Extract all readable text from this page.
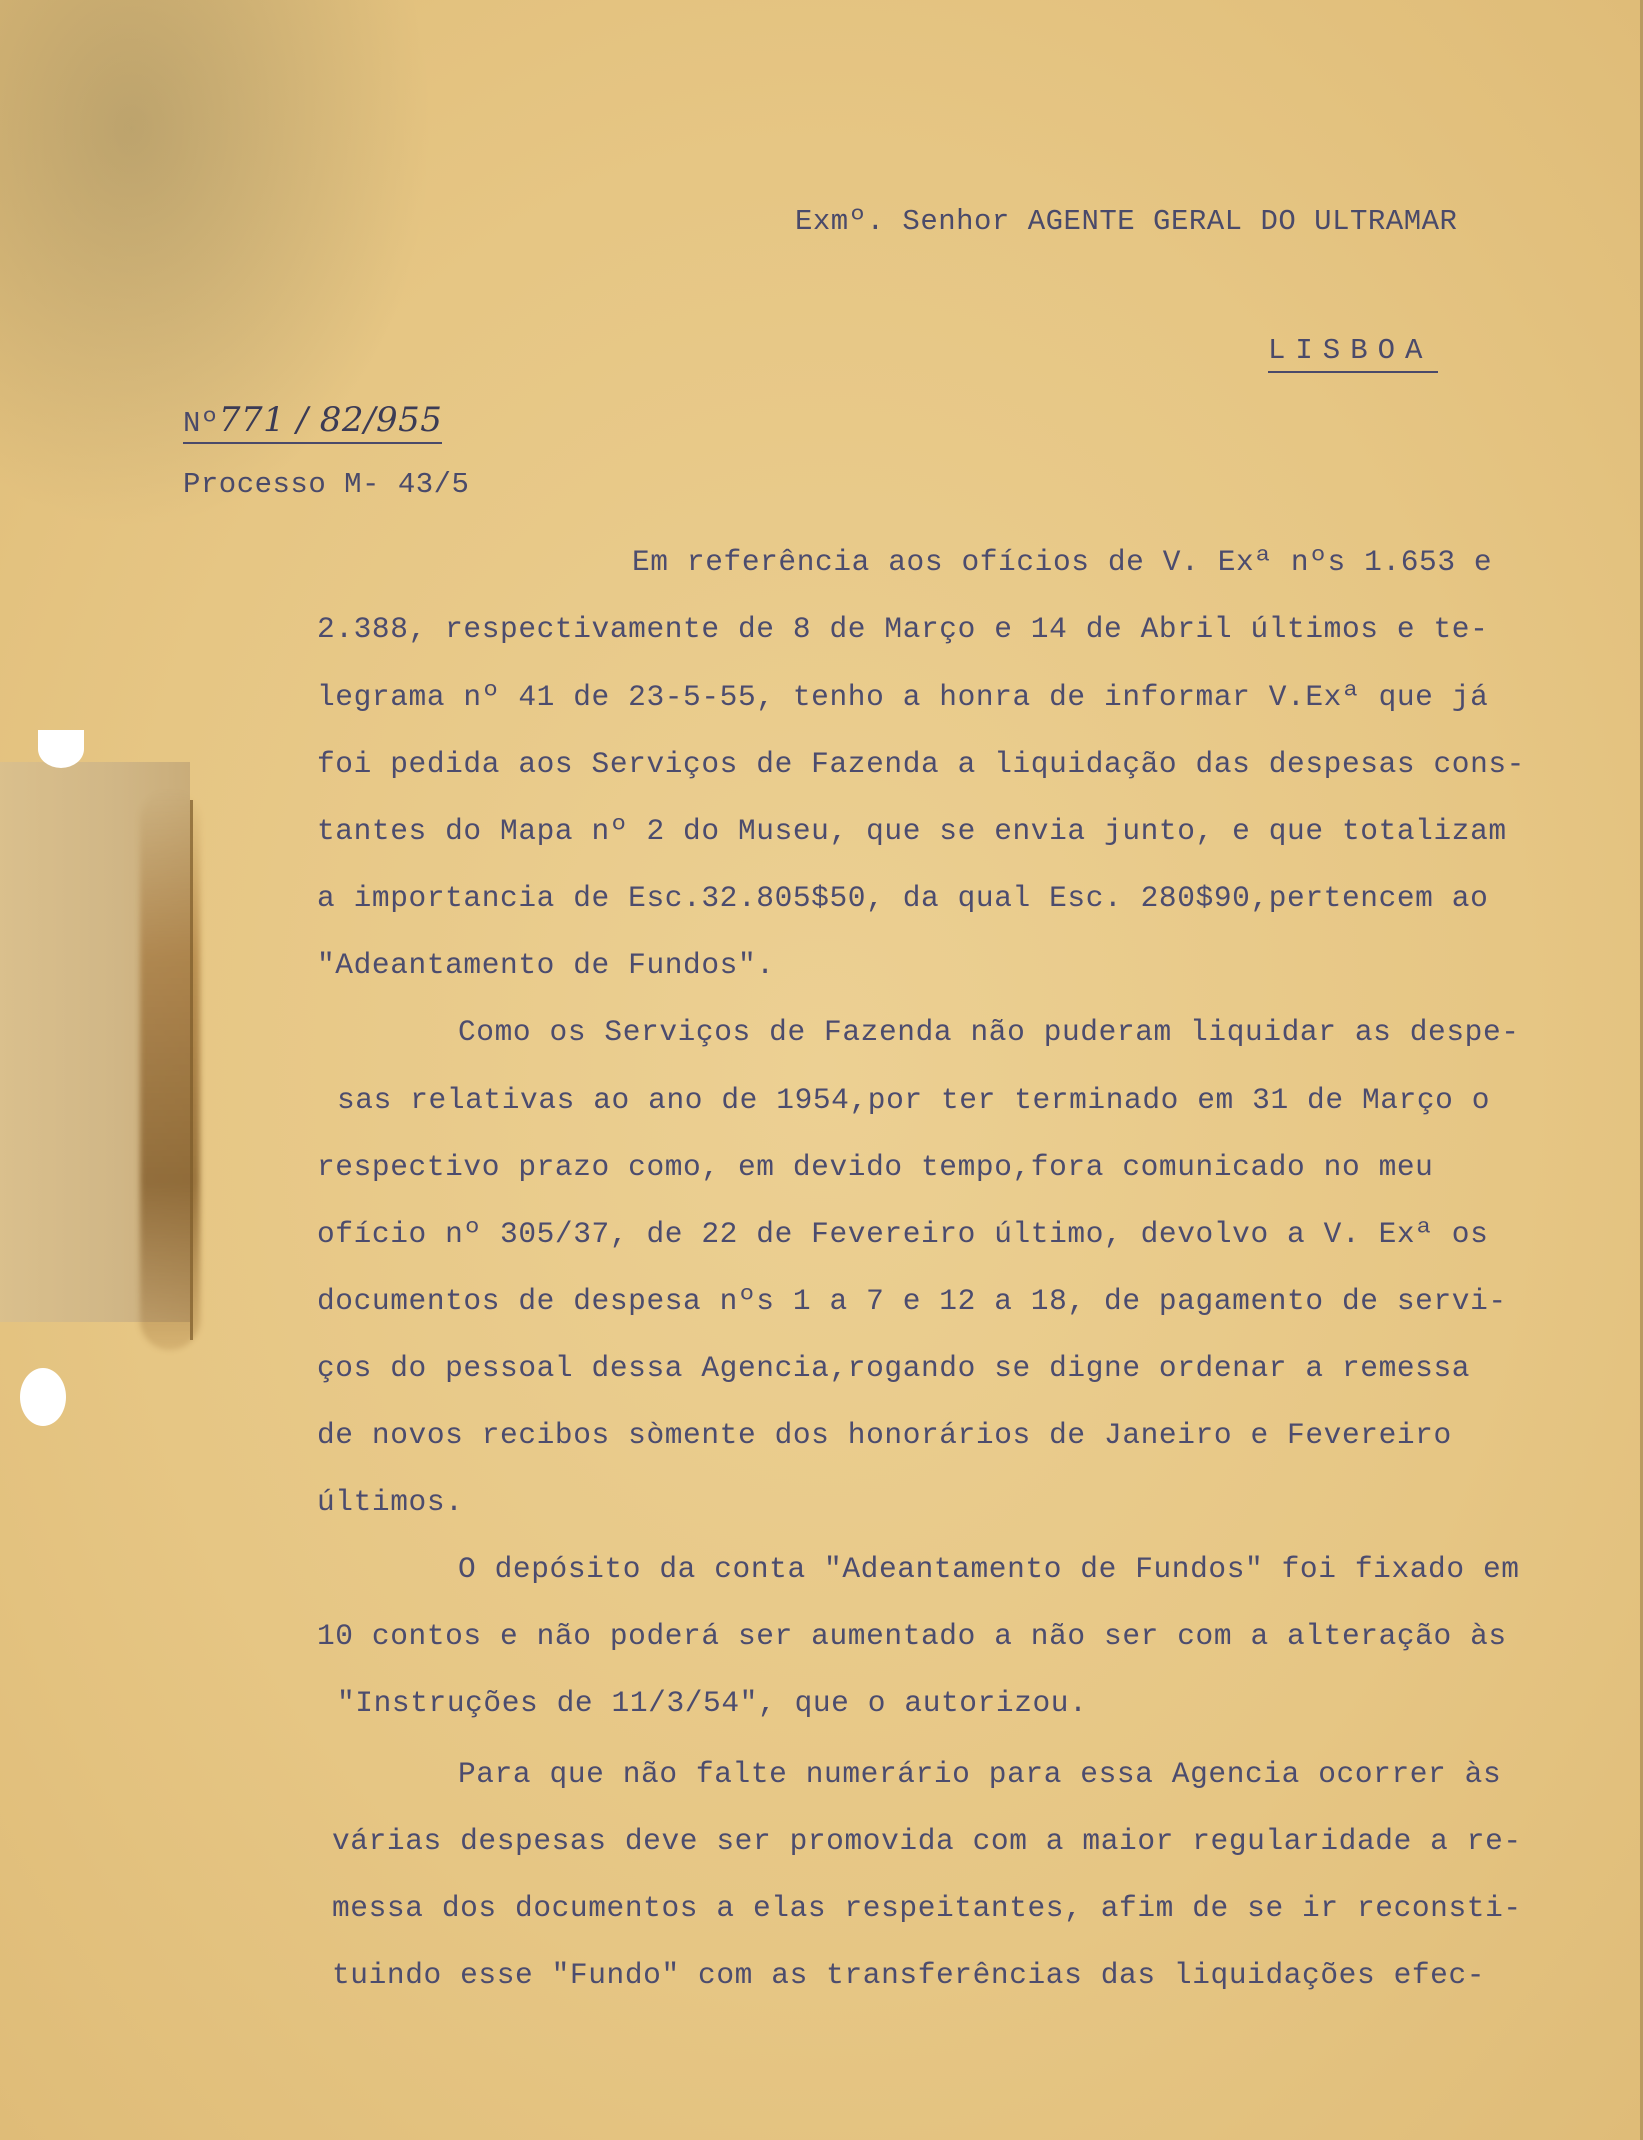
Exmº. Senhor AGENTE GERAL DO ULTRAMAR
LISBOA
Nº771 / 82/955
Processo M- 43/5
Em referência aos ofícios de V. Exª nºs 1.653 e
2.388, respectivamente de 8 de Março e 14 de Abril últimos e te-
legrama nº 41 de 23-5-55, tenho a honra de informar V.Exª que já
foi pedida aos Serviços de Fazenda a liquidação das despesas cons-
tantes do Mapa nº 2 do Museu, que se envia junto, e que totalizam
a importancia de Esc.32.805$50, da qual Esc. 280$90,pertencem ao
"Adeantamento de Fundos".
Como os Serviços de Fazenda não puderam liquidar as despe-
sas relativas ao ano de 1954,por ter terminado em 31 de Março o
respectivo prazo como, em devido tempo,fora comunicado no meu
ofício nº 305/37, de 22 de Fevereiro último, devolvo a V. Exª os
documentos de despesa nºs 1 a 7 e 12 a 18, de pagamento de servi-
ços do pessoal dessa Agencia,rogando se digne ordenar a remessa
de novos recibos sòmente dos honorários de Janeiro e Fevereiro
últimos.
O depósito da conta "Adeantamento de Fundos" foi fixado em
10 contos e não poderá ser aumentado a não ser com a alteração às
"Instruções de 11/3/54", que o autorizou.
Para que não falte numerário para essa Agencia ocorrer às
várias despesas deve ser promovida com a maior regularidade a re-
messa dos documentos a elas respeitantes, afim de se ir reconsti-
tuindo esse "Fundo" com as transferências das liquidações efec-
